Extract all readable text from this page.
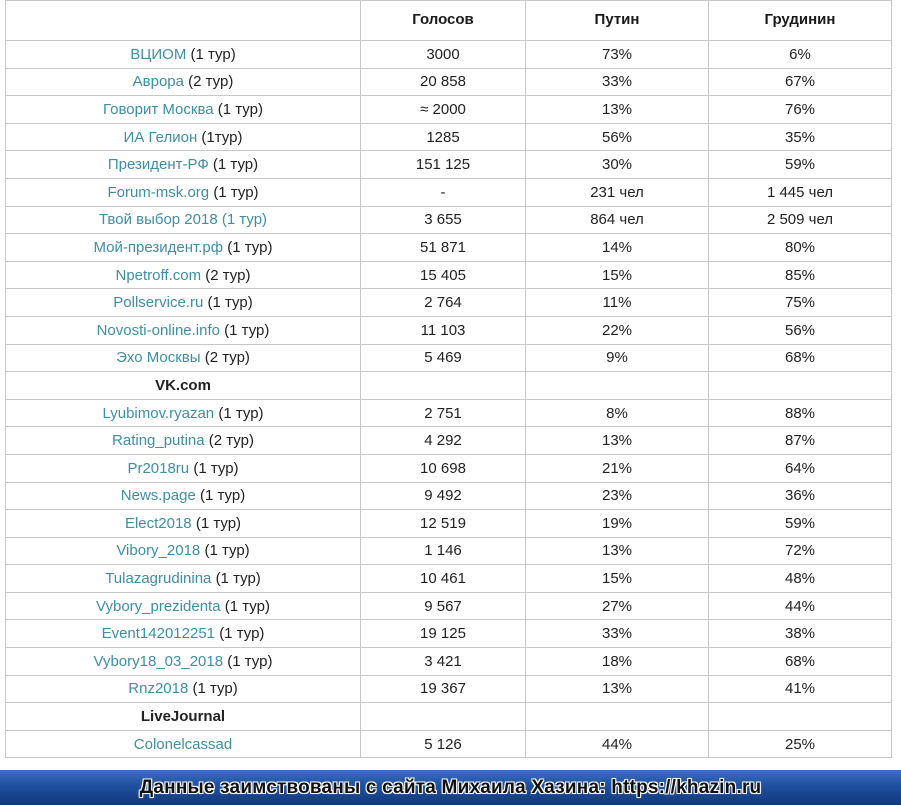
	Голосов	Путин	Грудинин
ВЦИОМ (1 тур)	3000	73%	6%
Аврора (2 тур)	20 858	33%	67%
Говорит Москва (1 тур)	≈ 2000	13%	76%
ИА Гелион (1тур)	1285	56%	35%
Президент-РФ (1 тур)	151 125	30%	59%
Forum-msk.org (1 тур)	-	231 чел	1 445 чел
Твой выбор 2018 (1 тур)	3 655	864 чел	2 509 чел
Мой-президент.рф (1 тур)	51 871	14%	80%
Npetroff.com (2 тур)	15 405	15%	85%
Pollservice.ru (1 тур)	2 764	11%	75%
Novosti-online.info (1 тур)	11 103	22%	56%
Эхо Москвы (2 тур)	5 469	9%	68%
VK.com			
Lyubimov.ryazan (1 тур)	2 751	8%	88%
Rating_putina (2 тур)	4 292	13%	87%
Pr2018ru (1 тур)	10 698	21%	64%
News.page (1 тур)	9 492	23%	36%
Elect2018 (1 тур)	12 519	19%	59%
Vibory_2018 (1 тур)	1 146	13%	72%
Tulazagrudinina (1 тур)	10 461	15%	48%
Vybory_prezidenta (1 тур)	9 567	27%	44%
Event142012251 (1 тур)	19 125	33%	38%
Vybory18_03_2018 (1 тур)	3 421	18%	68%
Rnz2018 (1 тур)	19 367	13%	41%
LiveJournal			
Colonelcassad	5 126	44%	25%
Данные заимствованы с сайта Михаила Хазина: https://khazin.ru
